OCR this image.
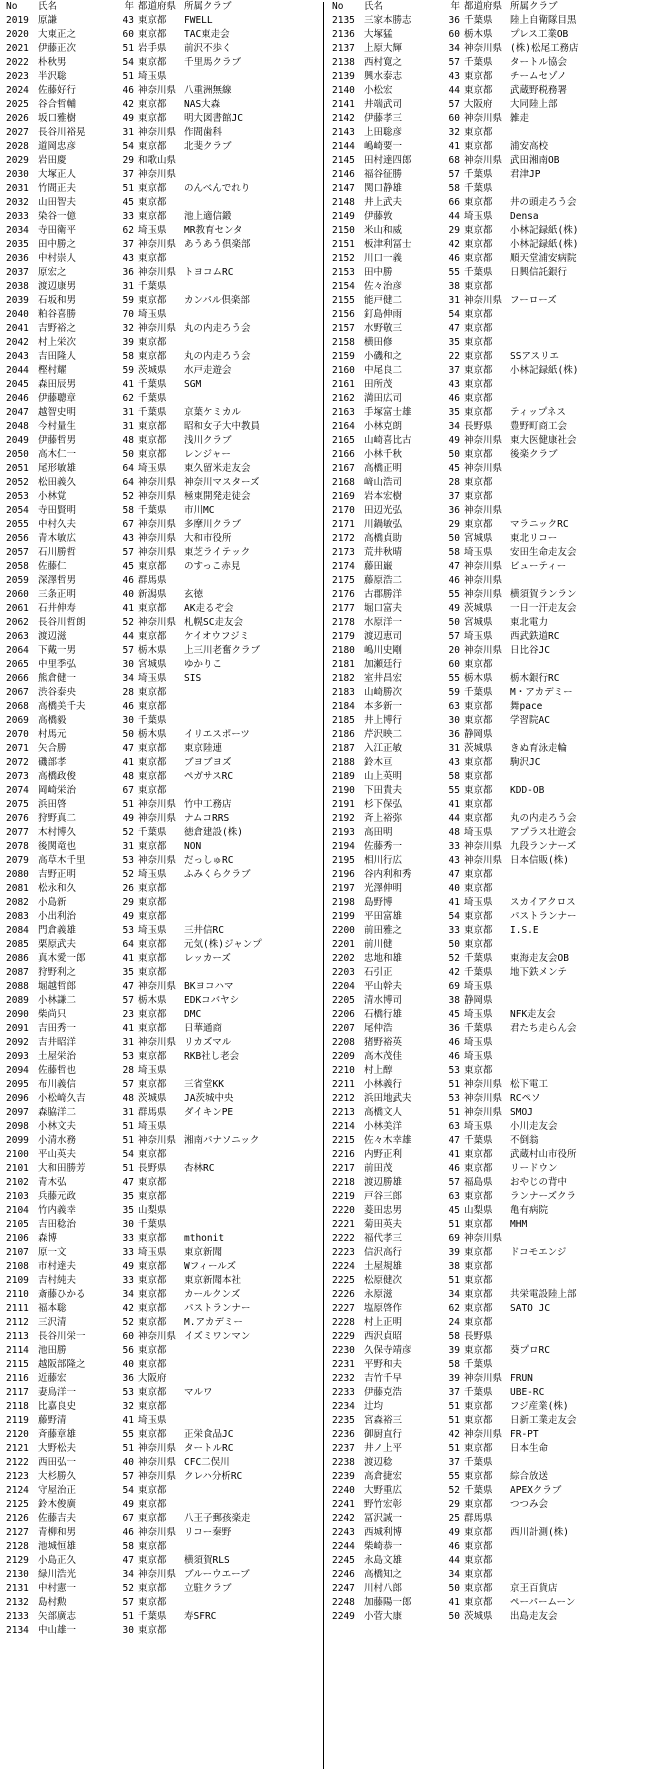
No	氏名	年 都道府県 所属クラブ
2019 原謙	43 東京都	FWELL
2020 大東正之	60 東京都	TAC東走会
2021 伊藤正次	51 岩手県	前沢不歩く
2022 朴秋男	54 東京都	千里馬クラブ
2023 半沢聡	51 埼玉県
2024 佐藤好行	46 神奈川県 八重洲無線
2025 谷合哲輔	42 東京都	NAS大森
2026 坂口雅樹	49 東京都	明大図書館JC
2027 長谷川裕晃	31 神奈川県 作間歯科
2028 道岡忠彦	54 東京都	北斐クラブ
2029 岩田慶	29 和歌山県
2030 大塚正人	37 神奈川県
2031 竹間正夫	51 東京都	のんべんでれり
2032 山田智夫	45 東京都
2033 染谷一億	33 東京都	池上適信鍛
2034 寺田衛平	62 埼玉県	MR教育センタ
2035 田中勝之	37 神奈川県 あうあう倶楽部
2036 中村崇人	43 東京都
2037 原宏之	36 神奈川県 トヨコムRC
2038 渡辺康男	31 千葉県
2039 石坂和男	59 東京都	カンパル倶楽部
2040 粕谷喜勝	70 埼玉県
2041 吉野裕之	32 神奈川県 丸の内走ろう会
2042 村上栄次	39 東京都
2043 吉田隆人	58 東京都	丸の内走ろう会
2044 樫村耀	59 茨城県	水戸走遊会
2045 森田辰男	41 千葉県	SGM
2046 伊藤聰章	62 千葉県
2047 越智史明	31 千葉県	京葉ケミカル
2048 今村量生	31 東京都	昭和女子大中教員
2049 伊藤哲男	48 東京都	浅川クラブ
2050 高木仁一	50 東京都	レンジャー
2051 尾形敏雄	64 埼玉県	東久留米走友会
2052 松田義久	64 神奈川県 神奈川マスターズ
2053 小林覚	52 神奈川県 極東開発走徒会
2054 寺田賢明	58 千葉県	市川MC
2055 中村久夫	67 神奈川県 多摩川クラブ
2056 青木敏広	43 神奈川県 大和市役所
2057 石川勝哲	57 神奈川県 東芝ライテック
2058 佐藤仁	45 東京都	のすっこ赤見
2059 深澤哲男	46 群馬県
2060 三条正明	40 新潟県	玄徳
2061 石井伸寿	41 東京都	AK走るぞ会
2062 長谷川哲朗	52 神奈川県 札幌SC走友会
2063 渡辺滋	44 東京都	ケイオウフジミ
2064 下戴一男	57 栃木県	上三川老奮クラブ
2065 中里季弘	30 宮城県	ゆかりこ
2066 熊倉健一	34 埼玉県	SIS
2067 渋谷泰央	28 東京都
2068 高橋美千夫	46 東京都
2069 高橋毅	30 千葉県
2070 村馬元	50 栃木県	イリエスポーツ
2071 矢合勝	47 東京都	東京陸連
2072 磯部孝	41 東京都	ブヨブヨズ
2073 高橋政俊	48 東京都	ペガサスRC
2074 岡崎栄治	67 東京都
2075 浜田啓	51 神奈川県 竹中工務店
2076 狩野真二	49 神奈川県 ナムコRRS
2077 木村博久	52 千葉県	徳倉建設(株)
2078 後関竜也	31 東京都	NON
2079 高草木千里	53 神奈川県 だっしゅRC
2080 吉野正明	52 埼玉県	ふみくらクラブ
2081 松永和久	26 東京都
2082 小島新	29 東京都
2083 小出利治	49 東京都
2084 門倉義雄	53 埼玉県	三井信RC
2085 栗原武夫	64 東京都	元気(株)ジャンプ
2086 真木愛一郎	41 東京都	レッカーズ
2087 狩野利之	35 東京都
2088 堀越哲郎	47 神奈川県 BKヨコハマ
2089 小林謙二	57 栃木県	EDKコバヤシ
2090 柴尚只	23 東京都	DMC
2091 吉田秀一	41 東京都	日華通商
2092 吉井昭洋	31 神奈川県 リカズマル
2093 土屋栄治	53 東京都	RKB社し老会
2094 佐藤哲也	28 埼玉県
2095 布川義信	57 東京都	三省堂KK
2096 小松崎久吉	48 茨城県	JA茨城中央
2097 森脇洋二	31 群馬県	ダイキンPE
2098 小林文夫	51 埼玉県
2099 小清水務	51 神奈川県 湘南パナソニック
2100 平山英夫	54 東京都
2101 大和田勝芳	51 長野県	杏林RC
2102 青木弘	47 東京都
2103 兵藤元政	35 東京都
2104 竹内義幸	35 山梨県
2105 吉田稔治	30 千葉県
2106 森博	33 東京都	mthonit
2107 原一文	33 埼玉県	東京新聞
2108 市村達夫	49 東京都	Wフィールズ
2109 吉村純夫	33 東京都	東京新聞本社
2110 斎藤ひかる	34 東京都	カールクンズ
2111 福本聡	42 東京都	パストランナー
2112 三沢清	52 東京都	M.アカデミー
2113 長谷川栄一	60 神奈川県 イズミワンマン
2114 池田勝	56 東京都
2115 越阪部隆之	40 東京都
2116 近藤宏	36 大阪府
2117 妻鳥洋一	53 東京都	マルワ
2118 比嘉良史	32 東京都
2119 藤野清	41 埼玉県
2120 斉藤章雄	55 東京都	正栄食品JC
2121 大野松夫	51 神奈川県 タートルRC
2122 西田弘一	40 神奈川県 CFC二俣川
2123 大杉勝久	57 神奈川県 クレハ分析RC
2124 守屋治正	54 東京都
2125 鈴木俊廣	49 東京都
2126 佐藤吉夫	67 東京都	八王子郵孩楽走
2127 青柳和男	46 神奈川県 リコー秦野
2128 池城恒雄	58 東京都
2129 小島正久	47 東京都	横須賀RLS
2130 緑川浩光	34 神奈川県 ブルーウエーブ
2131 中村憲一	52 東京都	立駐クラブ
2132 島村勲	57 東京都
2133 矢部廣志	51 千葉県	寿SFRC
2134 中山雄一	30 東京都
No	氏名	年 都道府県 所属クラブ
2135 三家本勝志	36 千葉県	陸上自衛隊目黒
2136 大塚猛	60 栃木県	プレス工業OB
2137 上原大輝	34 神奈川県 (株)松尾工務店
2138 西村寛之	57 千葉県	タートル協会
2139 興水泰志	43 東京都	チームセゾノ
2140 小松宏	44 東京都	武蔵野税務署
2141 井端武司	57 大阪府	大同陸上部
2142 伊藤孝三	60 神奈川県 雑走
2143 上田聡彦	32 東京都
2144 嶋崎要一	41 東京都	浦安高校
2145 田村達四郎	68 神奈川県 武田湘南OB
2146 福谷征勝	57 千葉県	君津JP
2147 関口静雄	58 千葉県
2148 井上武夫	66 東京都	井の頭走ろう会
2149 伊藤敦	44 埼玉県	Densa
2150 米山和威	29 東京都	小林記録紙(株)
2151 板津利冨士	42 東京都	小林記録紙(株)
2152 川口一義	46 東京都	順天堂浦安病院
2153 田中勝	55 千葉県	日興信託銀行
2154 佐々治彦	38 東京都
2155 能戸健二	31 神奈川県 フーローズ
2156 釘島伸雨	54 東京都
2157 水野敬三	47 東京都
2158 横田修	35 東京都
2159 小磯和之	22 東京都	SSアスリエ
2160 中尾良二	37 東京都	小林記録紙(株)
2161 田所茂	43 東京都
2162 満田広司	46 東京都
2163 手塚富士雄	35 東京都	ティップネス
2164 小林克朗	34 長野県	豊野町商工会
2165 山崎喜比古	49 神奈川県 東大医健康社会
2166 小林千秋	50 東京都	後楽クラブ
2167 高橋正明	45 神奈川県
2168 﨑山浩司	28 東京都
2169 岩本宏樹	37 東京都
2170 田辺光弘	36 神奈川県
2171 川鍋敏弘	29 東京都	マラニックRC
2172 高橋貞助	50 宮城県	東北リコー
2173 荒井秋晴	58 埼玉県	安田生命走友会
2174 藤田巌	47 神奈川県 ビューティー
2175 藤原浩二	46 神奈川県
2176 古郡勝洋	55 神奈川県 横須賀ランラン
2177 堀口富夫	49 茨城県	一日一汗走友会
2178 水原洋一	50 宮城県	東北電力
2179 渡辺恵司	57 埼玉県	西武鉄道RC
2180 嶋川史剛	20 神奈川県 日比谷JC
2181 加瀬廷行	60 東京都
2182 室井昌宏	55 栃木県	栃木銀行RC
2183 山崎勝次	59 千葉県	M・アカデミー
2184 本多新一	63 東京都	舞pace
2185 井上博行	30 東京都	学習院AC
2186 芹沢映二	36 静岡県
2187 入江正敏	31 茨城県	きぬ育泳走輪
2188 鈴木亘	43 東京都	駒沢JC
2189 山上英明	58 東京都
2190 下田貴夫	55 東京都	KDD-OB
2191 杉下保弘	41 東京都
2192 斉上裕弥	44 東京都	丸の内走ろう会
2193 高田明	48 埼玉県	アプラス壮遊会
2194 佐藤秀一	33 神奈川県 九段ランナーズ
2195 相川行広	43 神奈川県 日本信販(株)
2196 谷内利和秀	47 東京都
2197 光澤伸明	40 東京都
2198 島野博	41 埼玉県	スカイアクロス
2199 平田富雄	54 東京都	パストランナー
2200 前田雅之	33 東京都	I.S.E
2201 前川健	50 東京都
2202 忠地和雄	52 千葉県	東海走友会OB
2203 石引正	42 千葉県	地下鉄メンテ
2204 平山幹夫	69 埼玉県
2205 清水博司	38 静岡県
2206 石橋行雄	45 埼玉県	NFK走友会
2207 尾仲浩	36 千葉県	君たち走らん会
2208 猪野裕英	46 埼玉県
2209 高木茂佳	46 埼玉県
2210 村上醇	53 東京都
2211 小林義行	51 神奈川県 松下電工
2212 浜田地武夫	53 神奈川県 RCペソ
2213 高橋文人	51 神奈川県 SMOJ
2214 小林美洋	63 埼玉県	小川走友会
2215 佐々木幸雄	47 千葉県	不倒翁
2216 内野正利	41 東京都	武蔵村山市役所
2217 前田茂	46 東京都	リードウン
2218 渡辺勝雄	57 福島県	おやじの背中
2219 戸谷三郎	63 東京都	ランナーズクラ
2220 菱田忠男	45 山梨県	亀有病院
2221 菊田英夫	51 東京都	MHM
2222 福代孝三	69 神奈川県
2223 信沢高行	39 東京都	ドコモエンジ
2224 土屋規雄	38 東京都
2225 松原健次	51 東京都
2226 永原滋	34 東京都	共栄電設陸上部
2227 塩原啓作	62 東京都	SATO JC
2228 村上正明	24 東京都
2229 西沢貞昭	58 長野県
2230 久保寺靖彦	39 東京都	葵プロRC
2231 平野和夫	58 千葉県
2232 吉竹千早	39 神奈川県 FRUN
2233 伊藤克浩	37 千葉県	UBE-RC
2234 辻均	51 東京都	フジ産業(株)
2235 宮森裕三	51 東京都	日新工業走友会
2236 御厨直行	42 神奈川県 FR-PT
2237 井ノ上平	51 東京都	日本生命
2238 渡辺稔	37 千葉県
2239 高倉捷宏	55 東京都	綜合放送
2240 大野重広	52 千葉県	APEXクラブ
2241 野竹宏彰	29 東京都	つつみ会
2242 冨沢誠一	25 群馬県
2243 西城利博	49 東京都	西川計測(株)
2244 柴崎恭一	46 東京都
2245 永島文雄	44 東京都
2246 高橋知之	34 東京都
2247 川村八郎	50 東京都	京王百貨店
2248 加藤陽一郎	41 東京都	ペーパームーン
2249 小菅大康	50 茨城県	出島走友会
